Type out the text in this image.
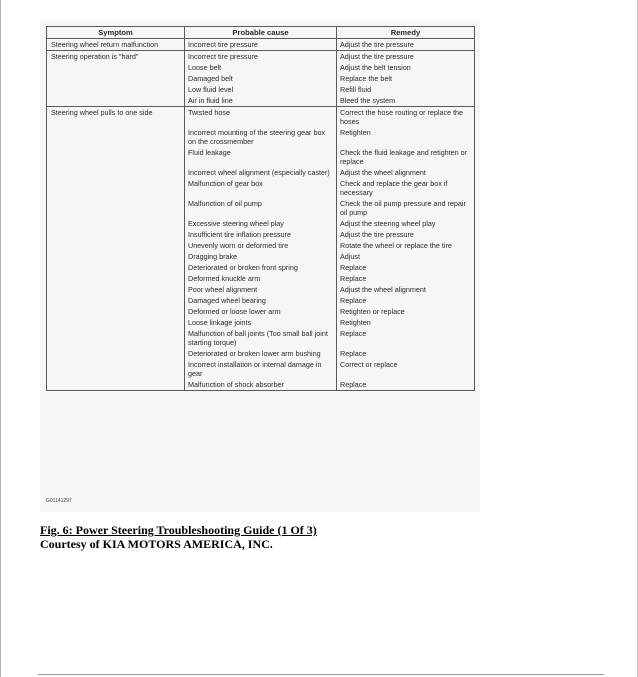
Symptom	Probable cause	Remedy
Steering wheel return malfunction	Incorrect tire pressure	Adjust the tire pressure
Steering operation is "hard"	Incorrect tire pressure	Adjust the tire pressure
	Loose belt	Adjust the belt tension
	Damaged belt	Replace the belt
	Low fluid level	Refill fluid
	Air in fluid line	Bleed the system
Steering wheel pulls to one side	Twisted hose	Correct the hose routing or replace the hoses
	Incorrect mounting of the steering gear box on the crossmember	Retighten
	Fluid leakage	Check the fluid leakage and retighten or replace
	Incorrect wheel alignment (especially caster)	Adjust the wheel alignment
	Malfunction of gear box	Check and replace the gear box if necessary
	Malfunction of oil pump	Check the oil pump pressure and repair oil pump
	Excessive steering wheel play	Adjust the steering wheel play
	Insufficient tire inflation pressure	Adjust the tire pressure
	Unevenly worn or deformed tire	Rotate the wheel or replace the tire
	Dragging brake	Adjust
	Deteriorated or broken front spring	Replace
	Deformed knuckle arm	Replace
	Poor wheel alignment	Adjust the wheel alignment
	Damaged wheel bearing	Replace
	Deformed or loose lower arm	Retighten or replace
	Loose linkage joints	Retighten
	Malfunction of ball joints (Too small ball joint starting torque)	Replace
	Deteriorated or broken lower arm bushing	Replace
	Incorrect installation or internal damage in gear	Correct or replace
	Malfunction of shock absorber	Replace
G01141297
Fig. 6: Power Steering Troubleshooting Guide (1 Of 3)
Courtesy of KIA MOTORS AMERICA, INC.
